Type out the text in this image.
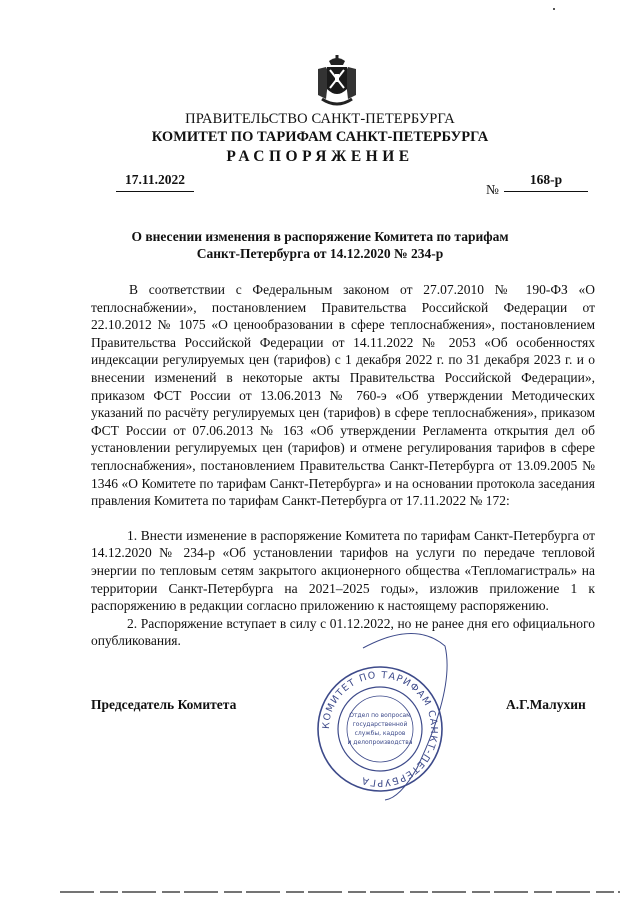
ПРАВИТЕЛЬСТВО САНКТ-ПЕТЕРБУРГА
КОМИТЕТ ПО ТАРИФАМ САНКТ-ПЕТЕРБУРГА
РАСПОРЯЖЕНИЕ
17.11.2022
№
168-р
О внесении изменения в распоряжение Комитета по тарифам
Санкт-Петербурга от 14.12.2020 № 234-р

В соответствии с Федеральным законом от 27.07.2010 № 190-ФЗ «О теплоснабжении», постановлением Правительства Российской Федерации от 22.10.2012 № 1075 «О ценообразовании в сфере теплоснабжения», постановлением Правительства Российской Федерации от 14.11.2022 № 2053 «Об особенностях индексации регулируемых цен (тарифов) с 1 декабря 2022 г. по 31 декабря 2023 г. и о внесении изменений в некоторые акты Правительства Российской Федерации», приказом ФСТ России от 13.06.2013 № 760-э «Об утверждении Методических указаний по расчёту регулируемых цен (тарифов) в сфере теплоснабжения», приказом ФСТ России от 07.06.2013 № 163 «Об утверждении Регламента открытия дел об установлении регулируемых цен (тарифов) и отмене регулирования тарифов в сфере теплоснабжения», постановлением Правительства Санкт-Петербурга от 13.09.2005 № 1346 «О Комитете по тарифам Санкт-Петербурга» и на основании протокола заседания правления Комитета по тарифам Санкт-Петербурга от 17.11.2022 № 172:

1. Внести изменение в распоряжение Комитета по тарифам Санкт-Петербурга от 14.12.2020 № 234-р «Об установлении тарифов на услуги по передаче тепловой энергии по тепловым сетям закрытого акционерного общества «Тепломагистраль» на территории Санкт-Петербурга на 2021–2025 годы», изложив приложение 1 к распоряжению в редакции согласно приложению к настоящему распоряжению.

2. Распоряжение вступает в силу с 01.12.2022, но не ранее дня его официального опубликования.

Председатель Комитета	А.Г.Малухин
КОМИТЕТ ПО ТАРИФАМ САНКТ-ПЕТЕРБУРГА
Отдел по вопросам
государственной
службы, кадров
и делопроизводства
